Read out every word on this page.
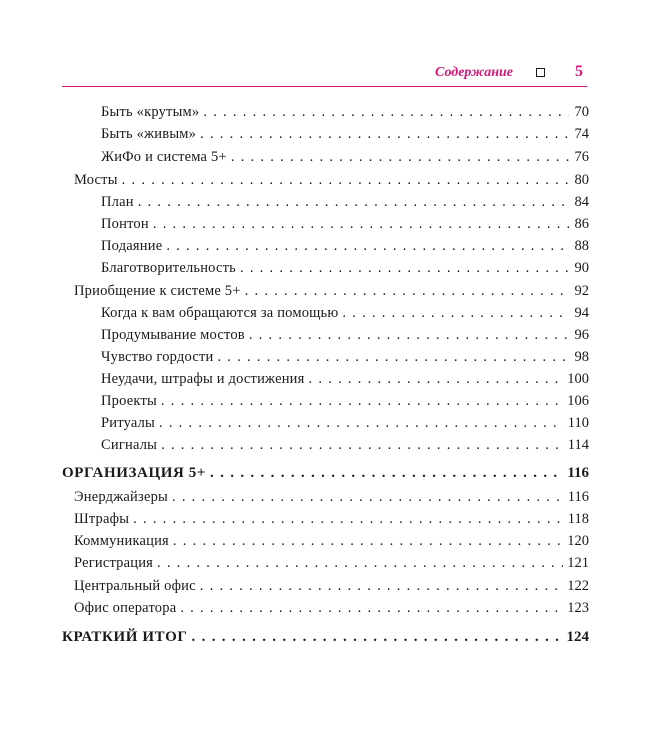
Содержание	5
Быть «крутым» . . .	70
Быть «живым» . . .	74
ЖиФо и система 5+ . . .	76
Мосты . . .	80
План . . .	84
Понтон . . .	86
Подаяние . . .	88
Благотворительность . . .	90
Приобщение к системе 5+ . . .	92
Когда к вам обращаются за помощью . . .	94
Продумывание мостов . . .	96
Чувство гордости . . .	98
Неудачи, штрафы и достижения . . .	100
Проекты . . .	106
Ритуалы . . .	110
Сигналы . . .	114
ОРГАНИЗАЦИЯ 5+ . . .	116
Энерджайзеры . . .	116
Штрафы . . .	118
Коммуникация . . .	120
Регистрация . . .	121
Центральный офис . . .	122
Офис оператора . . .	123
КРАТКИЙ ИТОГ . . .	124
